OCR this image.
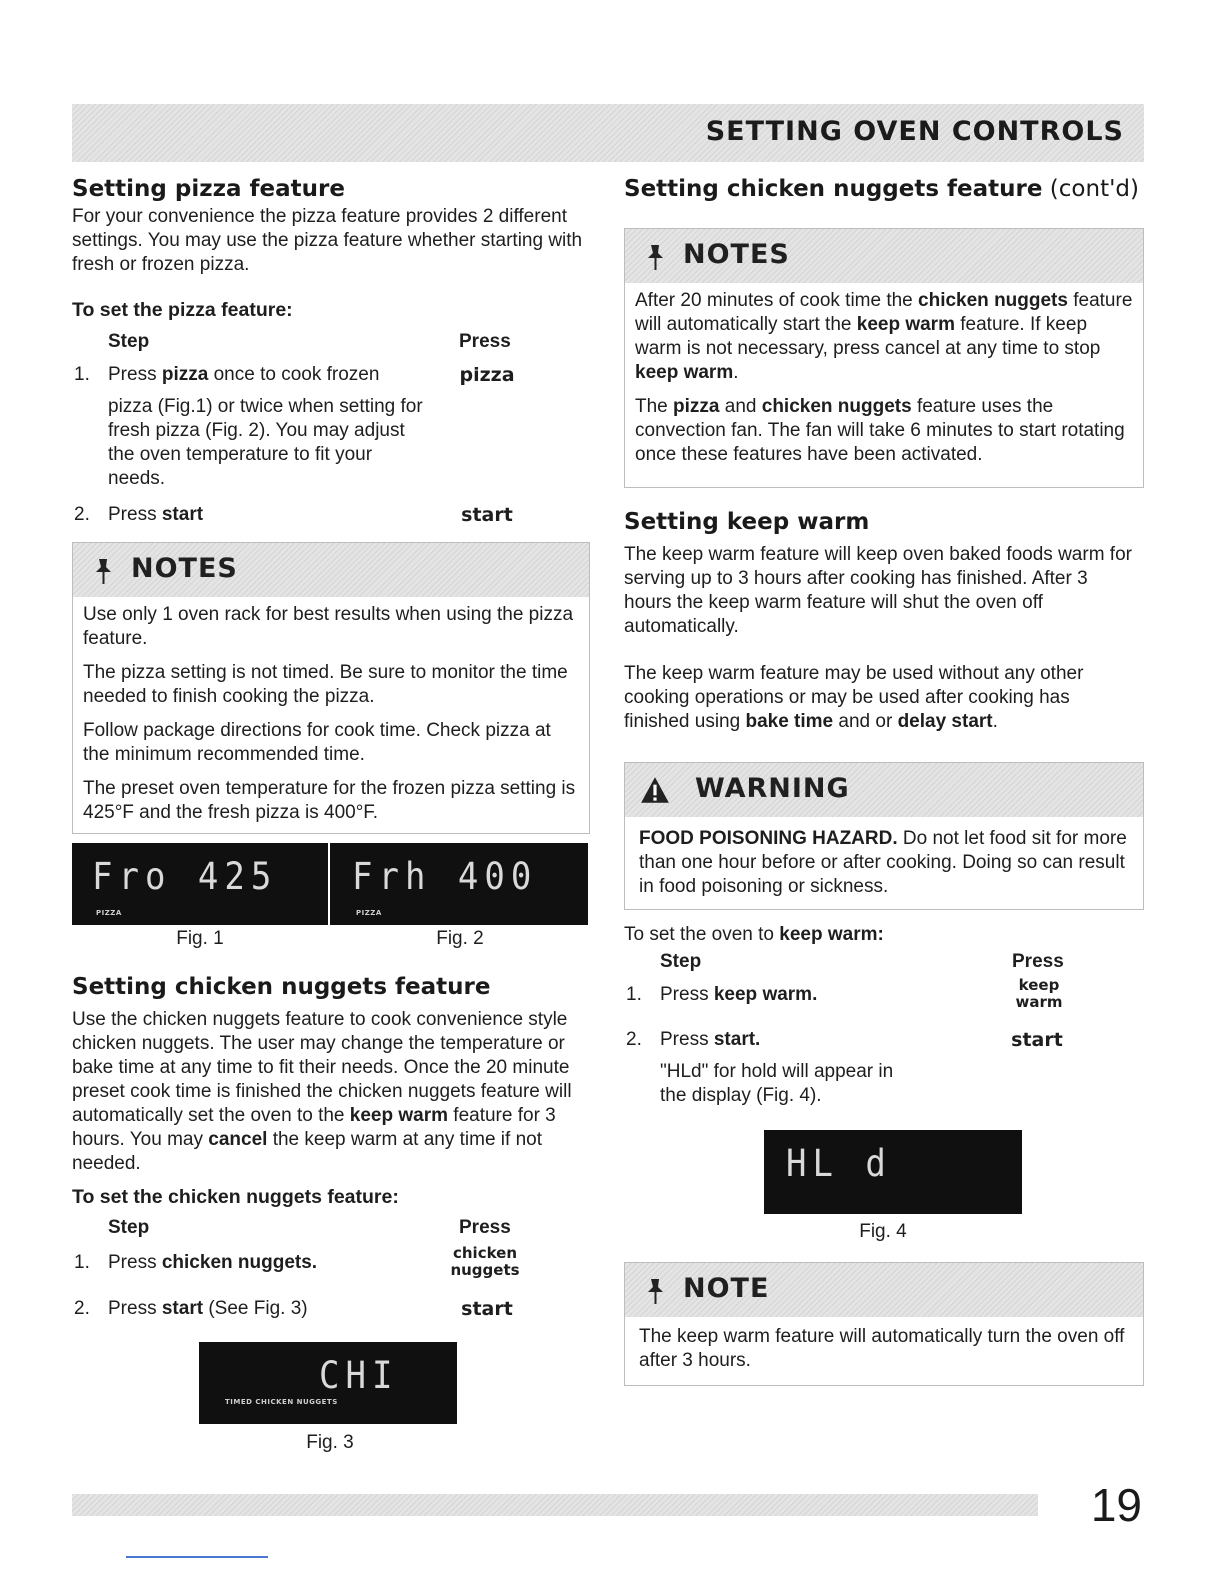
SETTING OVEN CONTROLS
Setting pizza feature

For your convenience the pizza feature provides 2 different settings. You may use the pizza feature whether starting with fresh or frozen pizza.

To set the pizza feature:
Step	Press
1. Press pizza once to cook frozen	pizza

pizza (Fig.1) or twice when setting for fresh pizza (Fig. 2). You may adjust the oven temperature to fit your needs.

2. Press start	start
NOTES

Use only 1 oven rack for best results when using the pizza feature.

The pizza setting is not timed. Be sure to monitor the time needed to finish cooking the pizza.

Follow package directions for cook time. Check pizza at the minimum recommended time.

The preset oven temperature for the frozen pizza setting is 425°F and the fresh pizza is 400°F.

Fro 425
PIZZA
Frh 400
PIZZA
Fig. 1	Fig. 2
Setting chicken nuggets feature

Use the chicken nuggets feature to cook convenience style chicken nuggets. The user may change the temperature or bake time at any time to fit their needs. Once the 20 minute preset cook time is finished the chicken nuggets feature will automatically set the oven to the keep warm feature for 3 hours. You may cancel the keep warm at any time if not needed.

To set the chicken nuggets feature:
Step	Press
1. Press chicken nuggets.	chicken
nuggets
2. Press start (See Fig. 3)	start
CHI
TIMED CHICKEN NUGGETS
Fig. 3
Setting chicken nuggets feature (cont'd)
NOTES

After 20 minutes of cook time the chicken nuggets feature will automatically start the keep warm feature. If keep warm is not necessary, press cancel at any time to stop keep warm.

The pizza and chicken nuggets feature uses the convection fan. The fan will take 6 minutes to start rotating once these features have been activated.

Setting keep warm

The keep warm feature will keep oven baked foods warm for serving up to 3 hours after cooking has finished. After 3 hours the keep warm feature will shut the oven off automatically.

The keep warm feature may be used without any other cooking operations or may be used after cooking has finished using bake time and or delay start.

WARNING

FOOD POISONING HAZARD. Do not let food sit for more than one hour before or after cooking. Doing so can result in food poisoning or sickness.

To set the oven to keep warm:
Step	Press
1. Press keep warm.	keep
warm
2. Press start.	start

"HLd" for hold will appear in the display (Fig. 4).

HL d
Fig. 4
NOTE

The keep warm feature will automatically turn the oven off after 3 hours.

19
